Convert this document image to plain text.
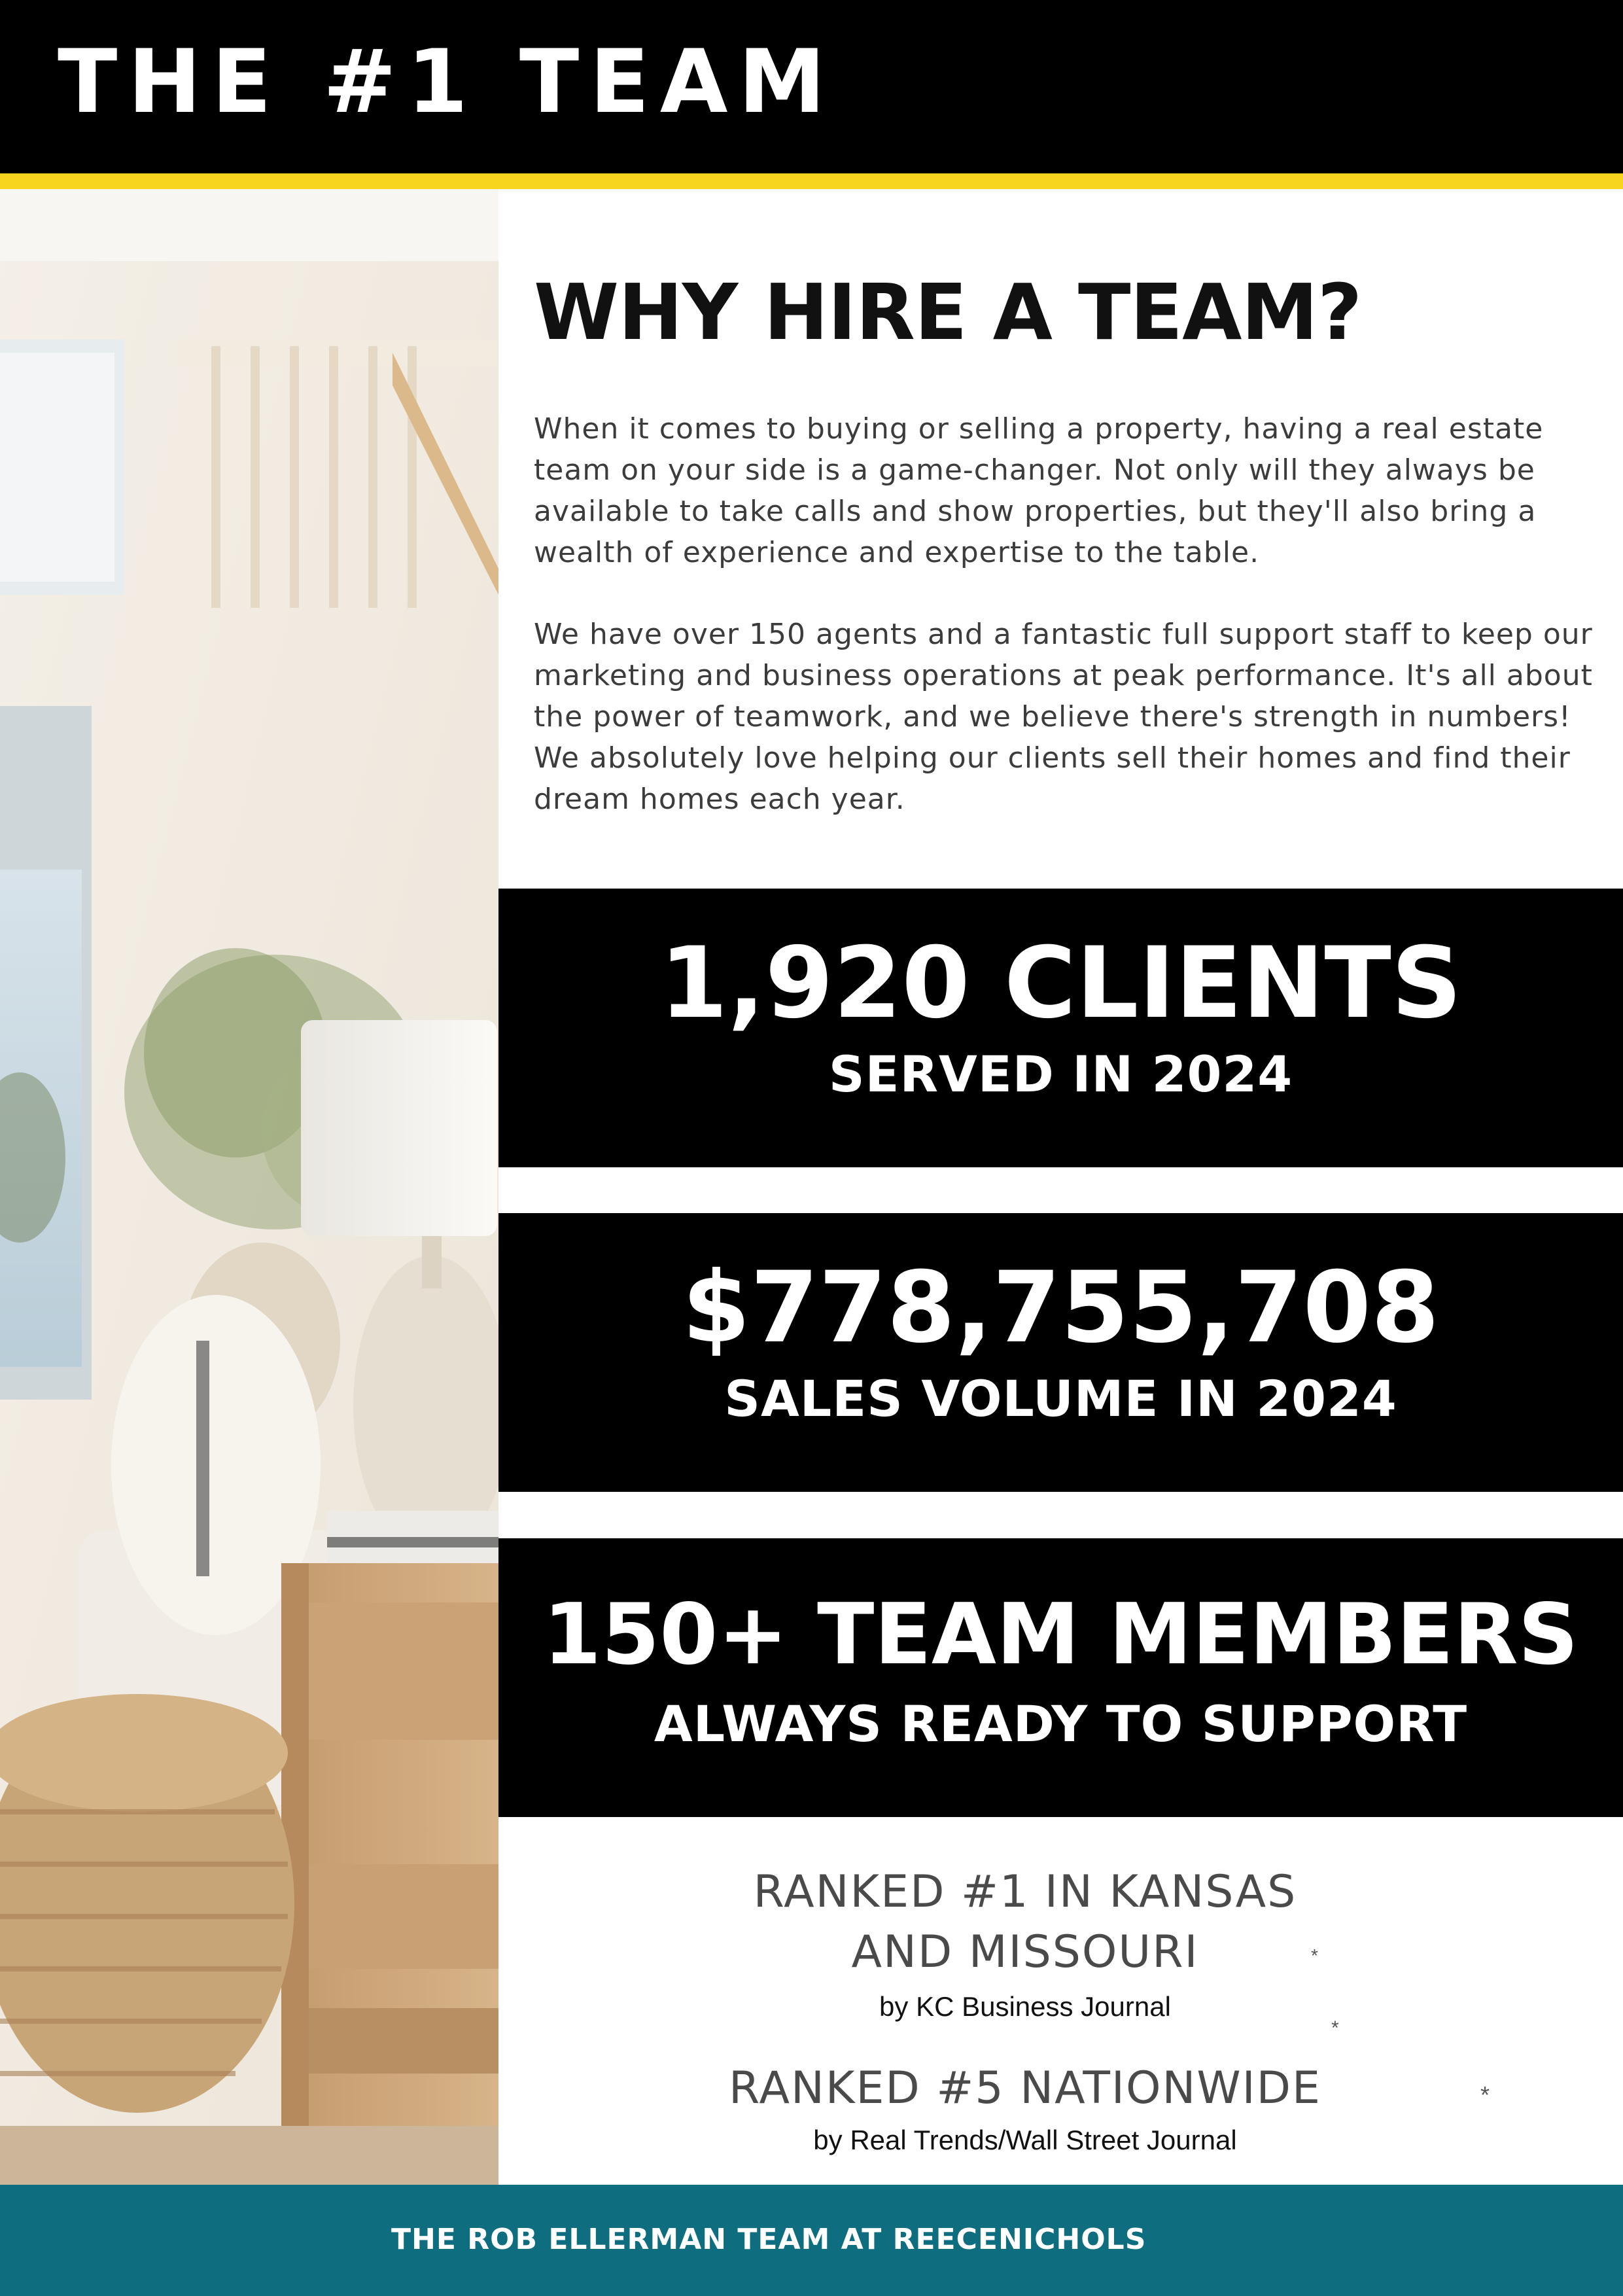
THE #1 TEAM
WHY HIRE A TEAM?

When it comes to buying or selling a property, having a real estate team on your side is a game-changer. Not only will they always be available to take calls and show properties, but they'll also bring a wealth of experience and expertise to the table.

We have over 150 agents and a fantastic full support staff to keep our marketing and business operations at peak performance. It's all about the power of teamwork, and we believe there's strength in numbers! We absolutely love helping our clients sell their homes and find their dream homes each year.

1,920 CLIENTS
SERVED IN 2024
$778,755,708
SALES VOLUME IN 2024
150+ TEAM MEMBERS
ALWAYS READY TO SUPPORT
RANKED #1 IN KANSAS
AND MISSOURI
by KC Business Journal
RANKED #5 NATIONWIDE
by Real Trends/Wall Street Journal
*
*
*
THE ROB ELLERMAN TEAM AT REECENICHOLS
